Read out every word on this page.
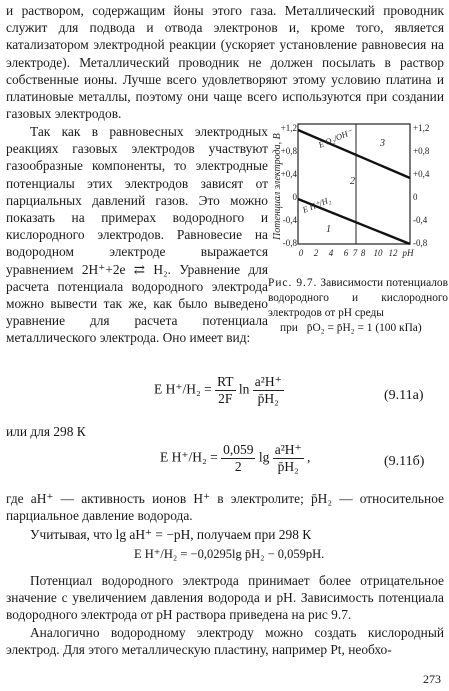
и раствором, содержащим йоны этого газа. Металлический проводник служит для подвода и отвода электронов и, кроме того, является катализатором электродной реакции (ускоряет установление равновесия на электроде). Металлический проводник не должен посылать в раствор собственные ионы. Лучше всего удовлетворяют этому условию платина и платиновые металлы, поэтому они чаще всего используются при создании газовых электродов.

Так как в равновесных электродных реакциях газовых электродов участвуют газообразные компоненты, то электродные потенциалы этих электродов зависят от парциальных давлений газов. Это можно показать на примерах водородного и кислородного электродов. Равновесие на водородном электроде выражается уравнением 2H⁺+2e ⇄ H₂. Уравнение для расчета потенциала водородного электрода можно вывести так же, как было выведено уравнение для расчета потенциала металлического электрода. Оно имеет вид:

Потенциал электрода, В
+1,2
+0,8
+0,4
0
-0,4
-0,8
+1,2
+0,8
+0,4
0
-0,4
-0,8
0 2 4 6 7 8 10 12 pH
3
2
1
E O₂/OH⁻
E H⁺/H₂
Рис. 9.7. Зависимости потенциалов водородного и кислородного электродов от pH среды
при p̄O₂ = p̄H₂ = 1 (100 кПа)
E $H^+/H_2 = \frac{RT}{2F}$ $\ln \frac{\text{a²H⁺}}{\text{p̄H₂}}$	(9.11а)
или для 298 К
E $H^+/H_2 = \frac{0,059}{2}$ $\lg \frac{\text{a²H⁺}}{\text{p̄H₂}}$ ,	(9.11б)

где aH⁺ — активность ионов H⁺ в электролите; p̄H₂ — относительное парциальное давление водорода.

Учитывая, что lg aH⁺ = −pH, получаем при 298 К
E H⁺/H₂ = −0,0295lg p̄H₂ − 0,059pH.
Потенциал водородного электрода принимает более отрицательное значение с увеличением давления водорода и pH. Зависимость потенциала водородного электрода от pH раствора приведена на рис 9.7.
Аналогично водородному электроду можно создать кислородный электрод. Для этого металлическую пластину, например Pt, необхо-
273
